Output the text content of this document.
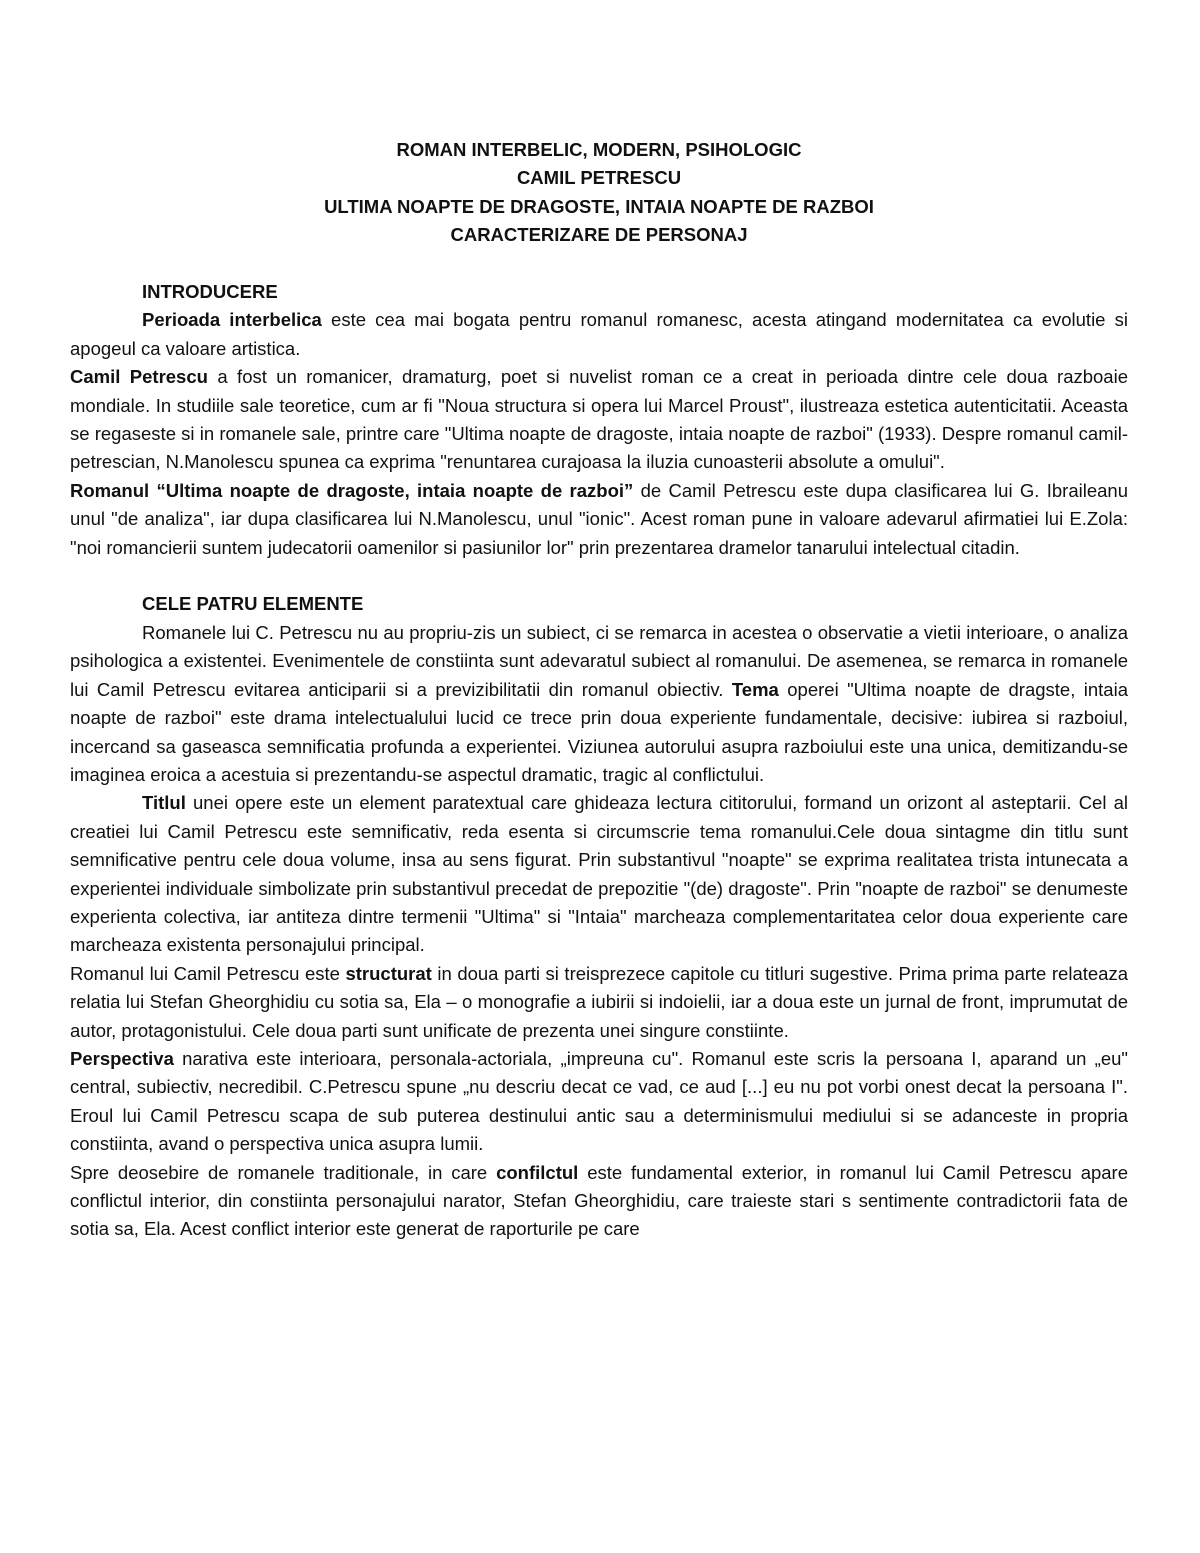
ROMAN INTERBELIC, MODERN, PSIHOLOGIC
CAMIL PETRESCU
ULTIMA NOAPTE DE DRAGOSTE, INTAIA NOAPTE DE RAZBOI
CARACTERIZARE DE PERSONAJ
INTRODUCERE

Perioada interbelica este cea mai bogata pentru romanul romanesc, acesta atingand modernitatea ca evolutie si apogeul ca valoare artistica.

Camil Petrescu a fost un romanicer, dramaturg, poet si nuvelist roman ce a creat in perioada dintre cele doua razboaie mondiale. In studiile sale teoretice, cum ar fi "Noua structura si opera lui Marcel Proust", ilustreaza estetica autenticitatii. Aceasta se regaseste si in romanele sale, printre care "Ultima noapte de dragoste, intaia noapte de razboi" (1933). Despre romanul camil-petrescian, N.Manolescu spunea ca exprima "renuntarea curajoasa la iluzia cunoasterii absolute a omului".

Romanul “Ultima noapte de dragoste, intaia noapte de razboi” de Camil Petrescu este dupa clasificarea lui G. Ibraileanu unul "de analiza", iar dupa clasificarea lui N.Manolescu, unul "ionic". Acest roman pune in valoare adevarul afirmatiei lui E.Zola: "noi romancierii suntem judecatorii oamenilor si pasiunilor lor" prin prezentarea dramelor tanarului intelectual citadin.

CELE PATRU ELEMENTE

Romanele lui C. Petrescu nu au propriu-zis un subiect, ci se remarca in acestea o observatie a vietii interioare, o analiza psihologica a existentei. Evenimentele de constiinta sunt adevaratul subiect al romanului. De asemenea, se remarca in romanele lui Camil Petrescu evitarea anticiparii si a previzibilitatii din romanul obiectiv. Tema operei "Ultima noapte de dragste, intaia noapte de razboi" este drama intelectualului lucid ce trece prin doua experiente fundamentale, decisive: iubirea si razboiul, incercand sa gaseasca semnificatia profunda a experientei. Viziunea autorului asupra razboiului este una unica, demitizandu-se imaginea eroica a acestuia si prezentandu-se aspectul dramatic, tragic al conflictului.

Titlul unei opere este un element paratextual care ghideaza lectura cititorului, formand un orizont al asteptarii. Cel al creatiei lui Camil Petrescu este semnificativ, reda esenta si circumscrie tema romanului.Cele doua sintagme din titlu sunt semnificative pentru cele doua volume, insa au sens figurat. Prin substantivul "noapte" se exprima realitatea trista intunecata a experientei individuale simbolizate prin substantivul precedat de prepozitie "(de) dragoste". Prin "noapte de razboi" se denumeste experienta colectiva, iar antiteza dintre termenii "Ultima" si "Intaia" marcheaza complementaritatea celor doua experiente care marcheaza existenta personajului principal.

Romanul lui Camil Petrescu este structurat in doua parti si treisprezece capitole cu titluri sugestive. Prima prima parte relateaza relatia lui Stefan Gheorghidiu cu sotia sa, Ela – o monografie a iubirii si indoielii, iar a doua este un jurnal de front, imprumutat de autor, protagonistului. Cele doua parti sunt unificate de prezenta unei singure constiinte.

Perspectiva narativa este interioara, personala-actoriala, „impreuna cu". Romanul este scris la persoana I, aparand un „eu" central, subiectiv, necredibil. C.Petrescu spune „nu descriu decat ce vad, ce aud [...] eu nu pot vorbi onest decat la persoana I". Eroul lui Camil Petrescu scapa de sub puterea destinului antic sau a determinismului mediului si se adanceste in propria constiinta, avand o perspectiva unica asupra lumii.

Spre deosebire de romanele traditionale, in care confilctul este fundamental exterior, in romanul lui Camil Petrescu apare conflictul interior, din constiinta personajului narator, Stefan Gheorghidiu, care traieste stari s sentimente contradictorii fata de sotia sa, Ela. Acest conflict interior este generat de raporturile pe care
